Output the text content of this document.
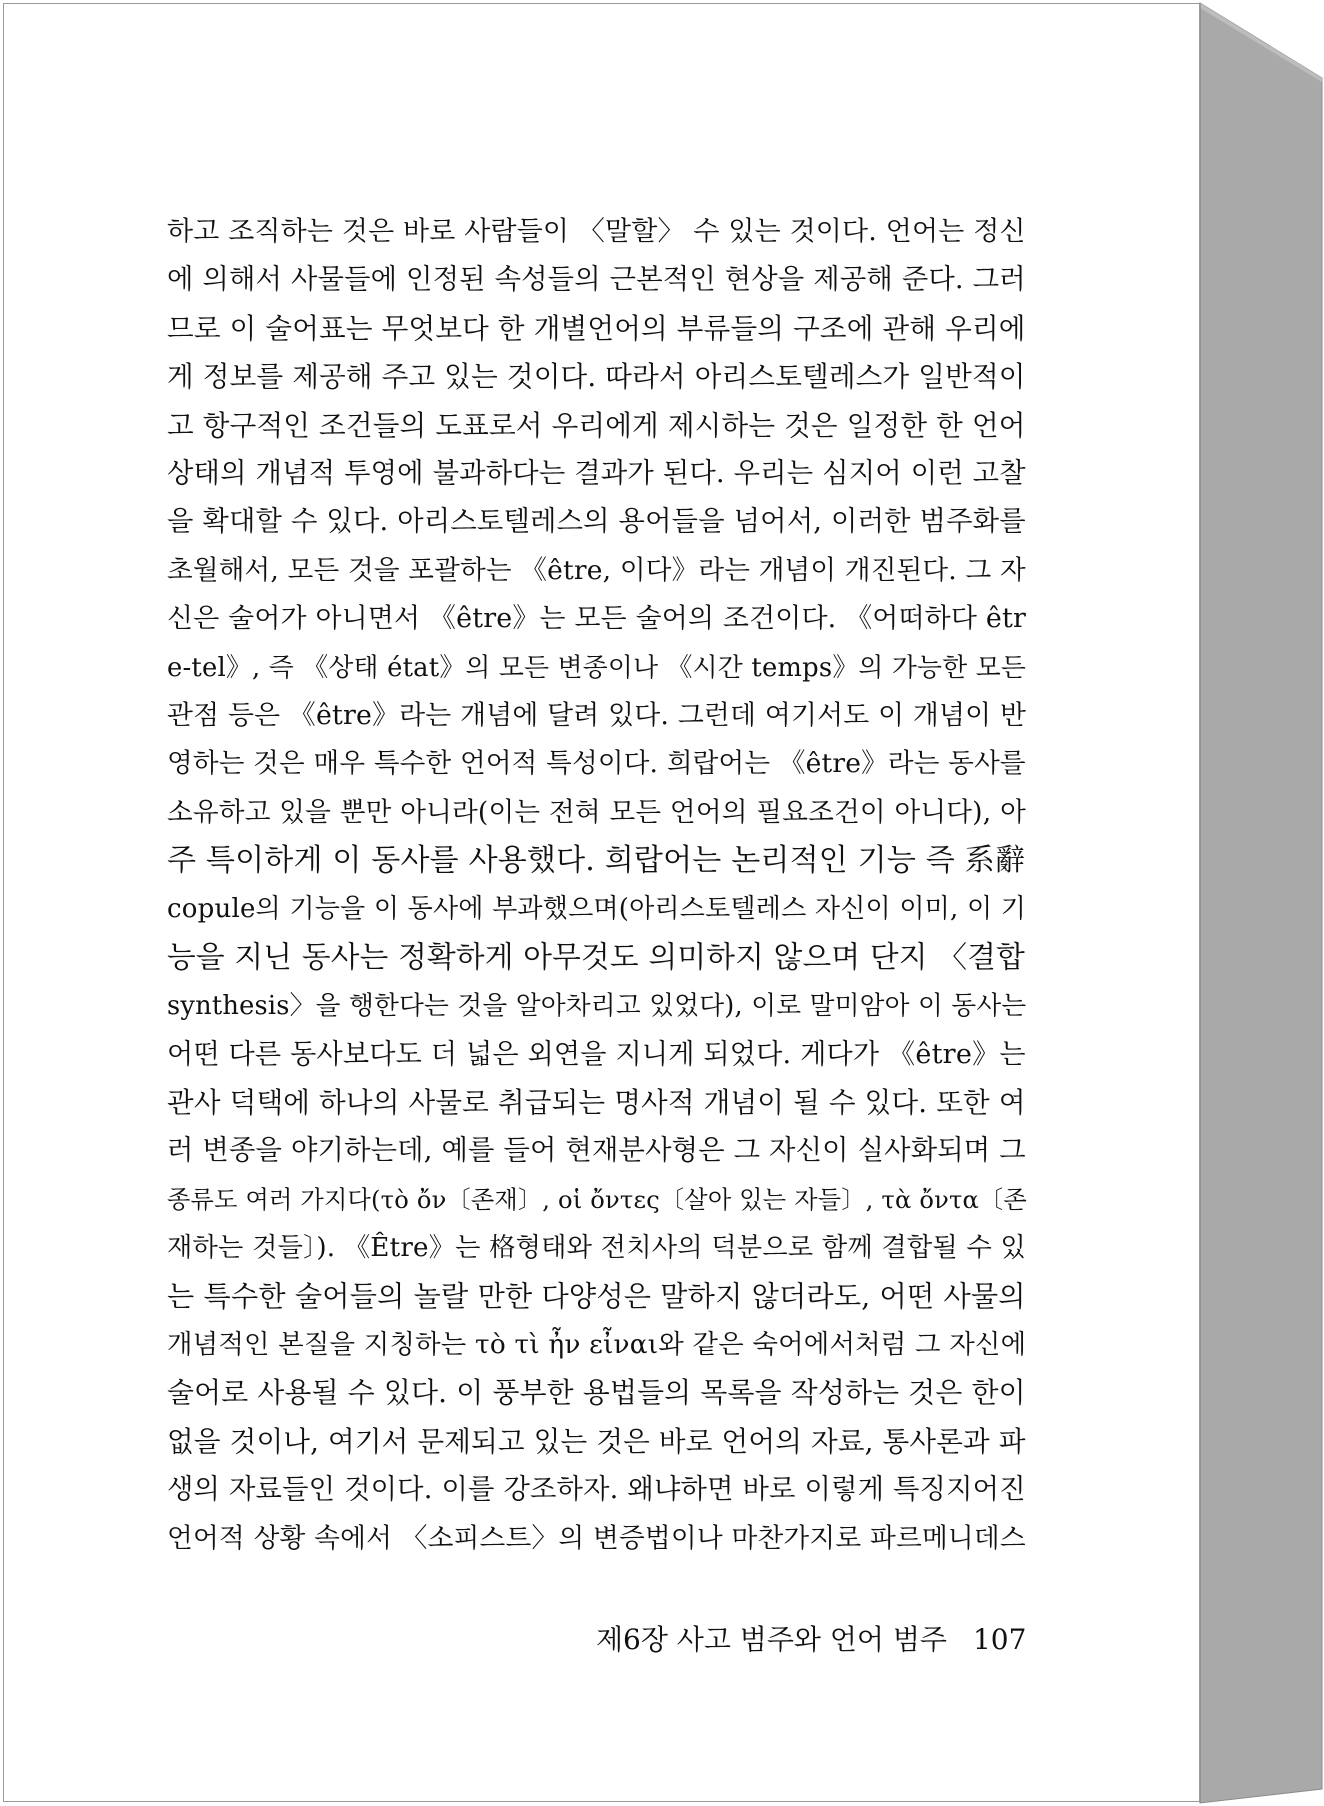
하고 조직하는 것은 바로 사람들이 〈말할〉 수 있는 것이다. 언어는 정신
에 의해서 사물들에 인정된 속성들의 근본적인 현상을 제공해 준다. 그러
므로 이 술어표는 무엇보다 한 개별언어의 부류들의 구조에 관해 우리에
게 정보를 제공해 주고 있는 것이다. 따라서 아리스토텔레스가 일반적이
고 항구적인 조건들의 도표로서 우리에게 제시하는 것은 일정한 한 언어
상태의 개념적 투영에 불과하다는 결과가 된다. 우리는 심지어 이런 고찰
을 확대할 수 있다. 아리스토텔레스의 용어들을 넘어서, 이러한 범주화를
초월해서, 모든 것을 포괄하는 《être, 이다》라는 개념이 개진된다. 그 자
신은 술어가 아니면서 《être》는 모든 술어의 조건이다. 《어떠하다 êtr
e-tel》, 즉 《상태 état》의 모든 변종이나 《시간 temps》의 가능한 모든
관점 등은 《être》라는 개념에 달려 있다. 그런데 여기서도 이 개념이 반
영하는 것은 매우 특수한 언어적 특성이다. 희랍어는 《être》라는 동사를
소유하고 있을 뿐만 아니라(이는 전혀 모든 언어의 필요조건이 아니다), 아
주 특이하게 이 동사를 사용했다. 희랍어는 논리적인 기능 즉 系辭
copule의 기능을 이 동사에 부과했으며(아리스토텔레스 자신이 이미, 이 기
능을 지닌 동사는 정확하게 아무것도 의미하지 않으며 단지 〈결합
synthesis〉을 행한다는 것을 알아차리고 있었다), 이로 말미암아 이 동사는
어떤 다른 동사보다도 더 넓은 외연을 지니게 되었다. 게다가 《être》는
관사 덕택에 하나의 사물로 취급되는 명사적 개념이 될 수 있다. 또한 여
러 변종을 야기하는데, 예를 들어 현재분사형은 그 자신이 실사화되며 그
종류도 여러 가지다(τὸ ὄν〔존재〕, οἱ ὄντες〔살아 있는 자들〕, τὰ ὄντα〔존
재하는 것들〕). 《Être》는 格형태와 전치사의 덕분으로 함께 결합될 수 있
는 특수한 술어들의 놀랄 만한 다양성은 말하지 않더라도, 어떤 사물의
개념적인 본질을 지칭하는 τὸ τὶ ἦν εἶναι와 같은 숙어에서처럼 그 자신에
술어로 사용될 수 있다. 이 풍부한 용법들의 목록을 작성하는 것은 한이
없을 것이나, 여기서 문제되고 있는 것은 바로 언어의 자료, 통사론과 파
생의 자료들인 것이다. 이를 강조하자. 왜냐하면 바로 이렇게 특징지어진
언어적 상황 속에서 〈소피스트〉의 변증법이나 마찬가지로 파르메니데스
제6장 사고 범주와 언어 범주 107
